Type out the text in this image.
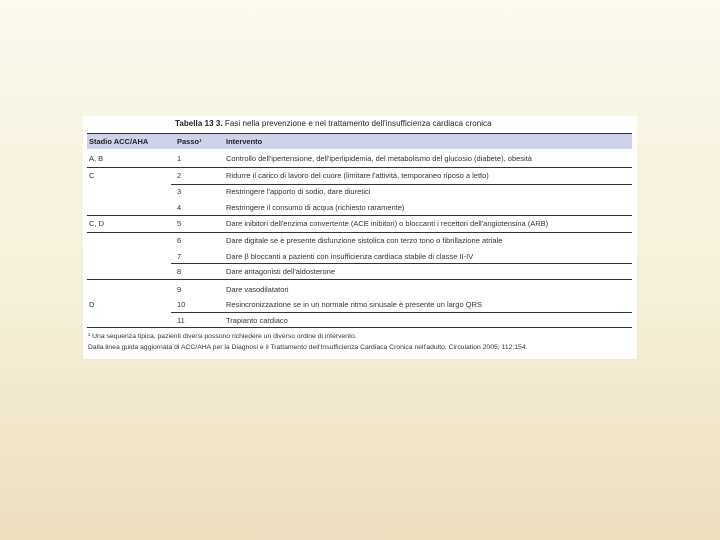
Tabella 13 3. Fasi nella prevenzione e nel trattamento dell'insufficienza cardiaca cronica
Stadio ACC/AHA	Passo¹	Intervento
A, B	1	Controllo dell'ipertensione, dell'iperlipidemia, del metabolismo del glucosio (diabete), obesità
C	2	Ridurre il carico di lavoro del cuore (limitare l'attività, temporaneo riposo a letto)
3	Restringere l'apporto di sodio, dare diuretici
4	Restringere il consumo di acqua (richiesto raramente)
C, D	5	Dare inibitori dell'enzima convertente (ACE inibitori) o bloccanti i recettori dell'angiotensina (ARB)
6	Dare digitale se è presente disfunzione sistolica con terzo tono o fibrillazione atriale
7	Dare β bloccanti a pazienti con insufficienza cardiaca stabile di classe II-IV
8	Dare antagonisti dell'aldosterone
9	Dare vasodilatatori
D	10	Resincronizzazione se in un normale ritmo sinusale è presente un largo QRS
11	Trapianto cardiaco
¹ Una sequenza tipica, pazienti diversi possono richiedere un diverso ordine di intervento.
Dalla linea guida aggiornata di ACC/AHA per la Diagnosi e il Trattamento dell'Insufficienza Cardiaca Cronica nell'adulto. Circulation 2005; 112:154.
